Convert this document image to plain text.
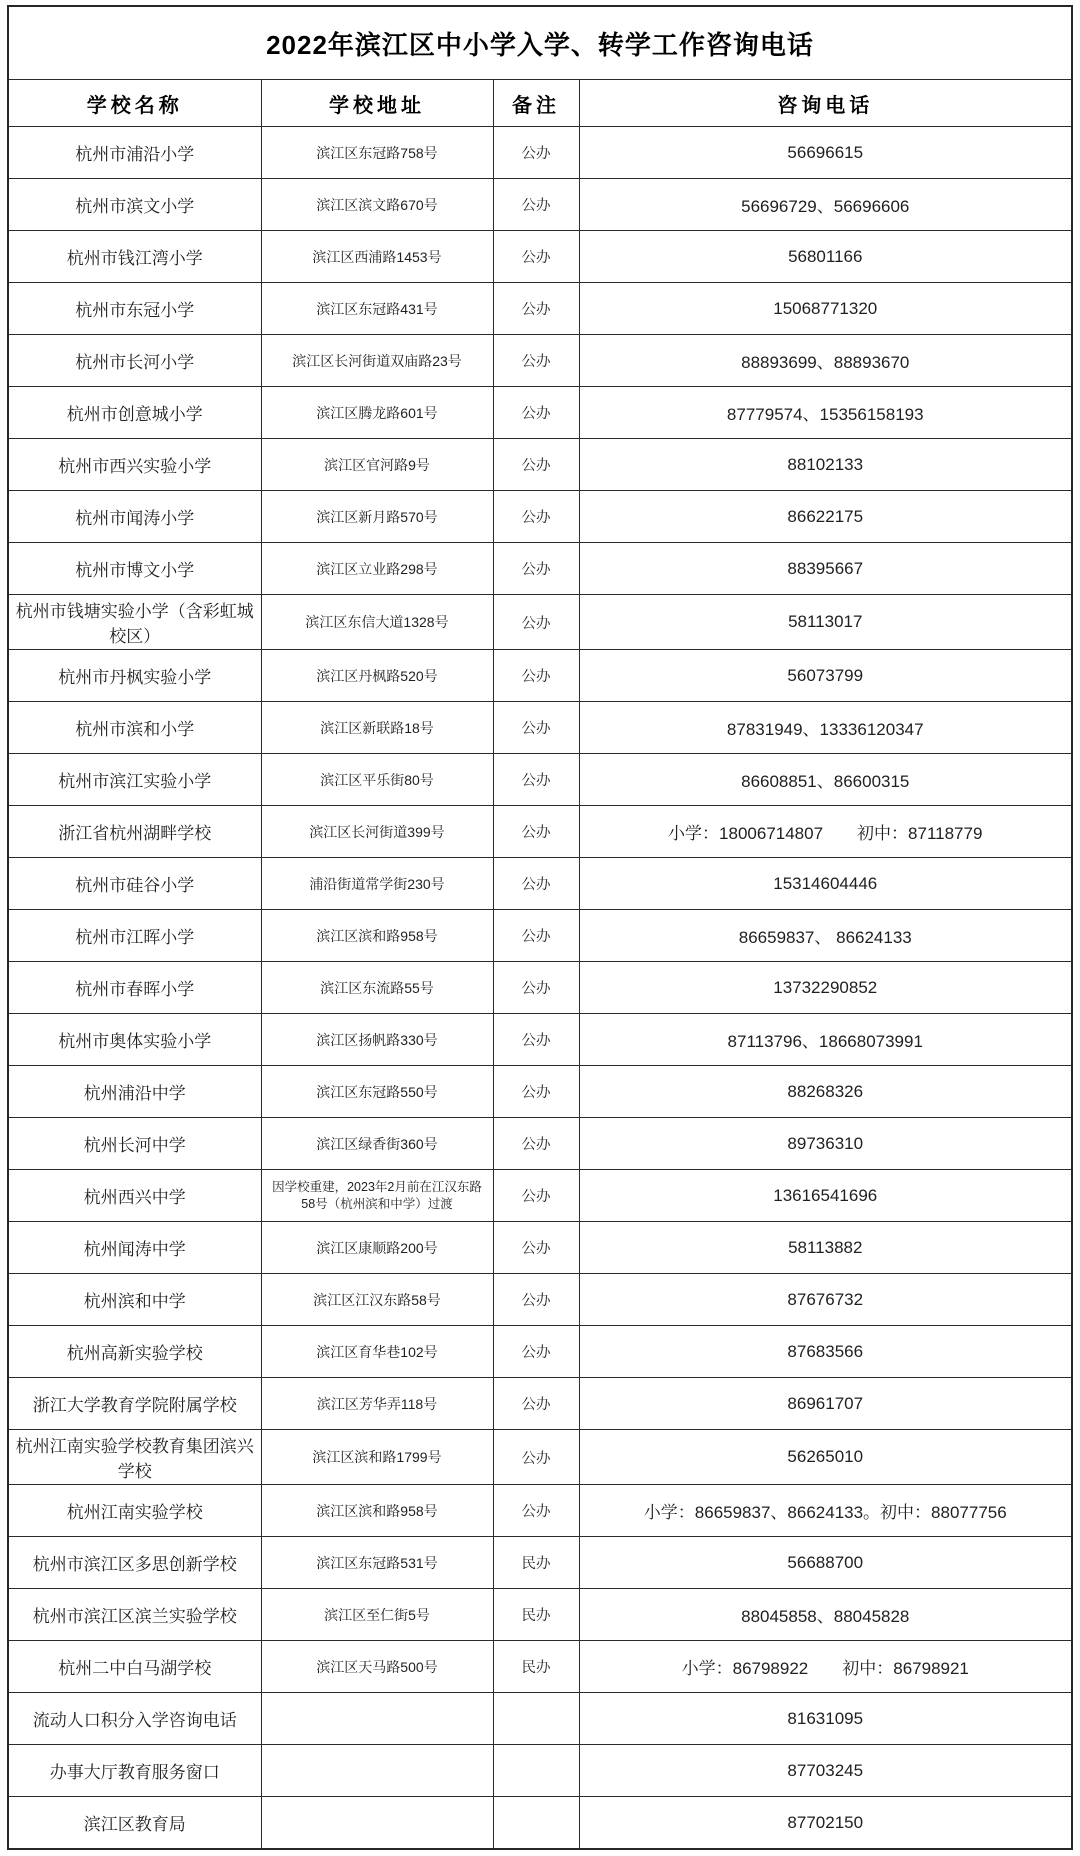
2022年滨江区中小学入学、转学工作咨询电话			
学校名称	学校地址	备注	咨询电话
杭州市浦沿小学	滨江区东冠路758号	公办	56696615
杭州市滨文小学	滨江区滨文路670号	公办	56696729、56696606
杭州市钱江湾小学	滨江区西浦路1453号	公办	56801166
杭州市东冠小学	滨江区东冠路431号	公办	15068771320
杭州市长河小学	滨江区长河街道双庙路23号	公办	88893699、88893670
杭州市创意城小学	滨江区腾龙路601号	公办	87779574、15356158193
杭州市西兴实验小学	滨江区官河路9号	公办	88102133
杭州市闻涛小学	滨江区新月路570号	公办	86622175
杭州市博文小学	滨江区立业路298号	公办	88395667
杭州市钱塘实验小学（含彩虹城校区）	滨江区东信大道1328号	公办	58113017
杭州市丹枫实验小学	滨江区丹枫路520号	公办	56073799
杭州市滨和小学	滨江区新联路18号	公办	87831949、13336120347
杭州市滨江实验小学	滨江区平乐街80号	公办	86608851、86600315
浙江省杭州湖畔学校	滨江区长河街道399号	公办	小学：18006714807　　初中：87118779
杭州市硅谷小学	浦沿街道常学街230号	公办	15314604446
杭州市江晖小学	滨江区滨和路958号	公办	86659837、 86624133
杭州市春晖小学	滨江区东流路55号	公办	13732290852
杭州市奥体实验小学	滨江区扬帆路330号	公办	87113796、18668073991
杭州浦沿中学	滨江区东冠路550号	公办	88268326
杭州长河中学	滨江区绿香街360号	公办	89736310
杭州西兴中学	因学校重建，2023年2月前在江汉东路58号（杭州滨和中学）过渡	公办	13616541696
杭州闻涛中学	滨江区康顺路200号	公办	58113882
杭州滨和中学	滨江区江汉东路58号	公办	87676732
杭州高新实验学校	滨江区育华巷102号	公办	87683566
浙江大学教育学院附属学校	滨江区芳华弄118号	公办	86961707
杭州江南实验学校教育集团滨兴学校	滨江区滨和路1799号	公办	56265010
杭州江南实验学校	滨江区滨和路958号	公办	小学：86659837、86624133。初中：88077756
杭州市滨江区多思创新学校	滨江区东冠路531号	民办	56688700
杭州市滨江区滨兰实验学校	滨江区至仁街5号	民办	88045858、88045828
杭州二中白马湖学校	滨江区天马路500号	民办	小学：86798922　　初中：86798921
流动人口积分入学咨询电话			81631095
办事大厅教育服务窗口			87703245
滨江区教育局			87702150
